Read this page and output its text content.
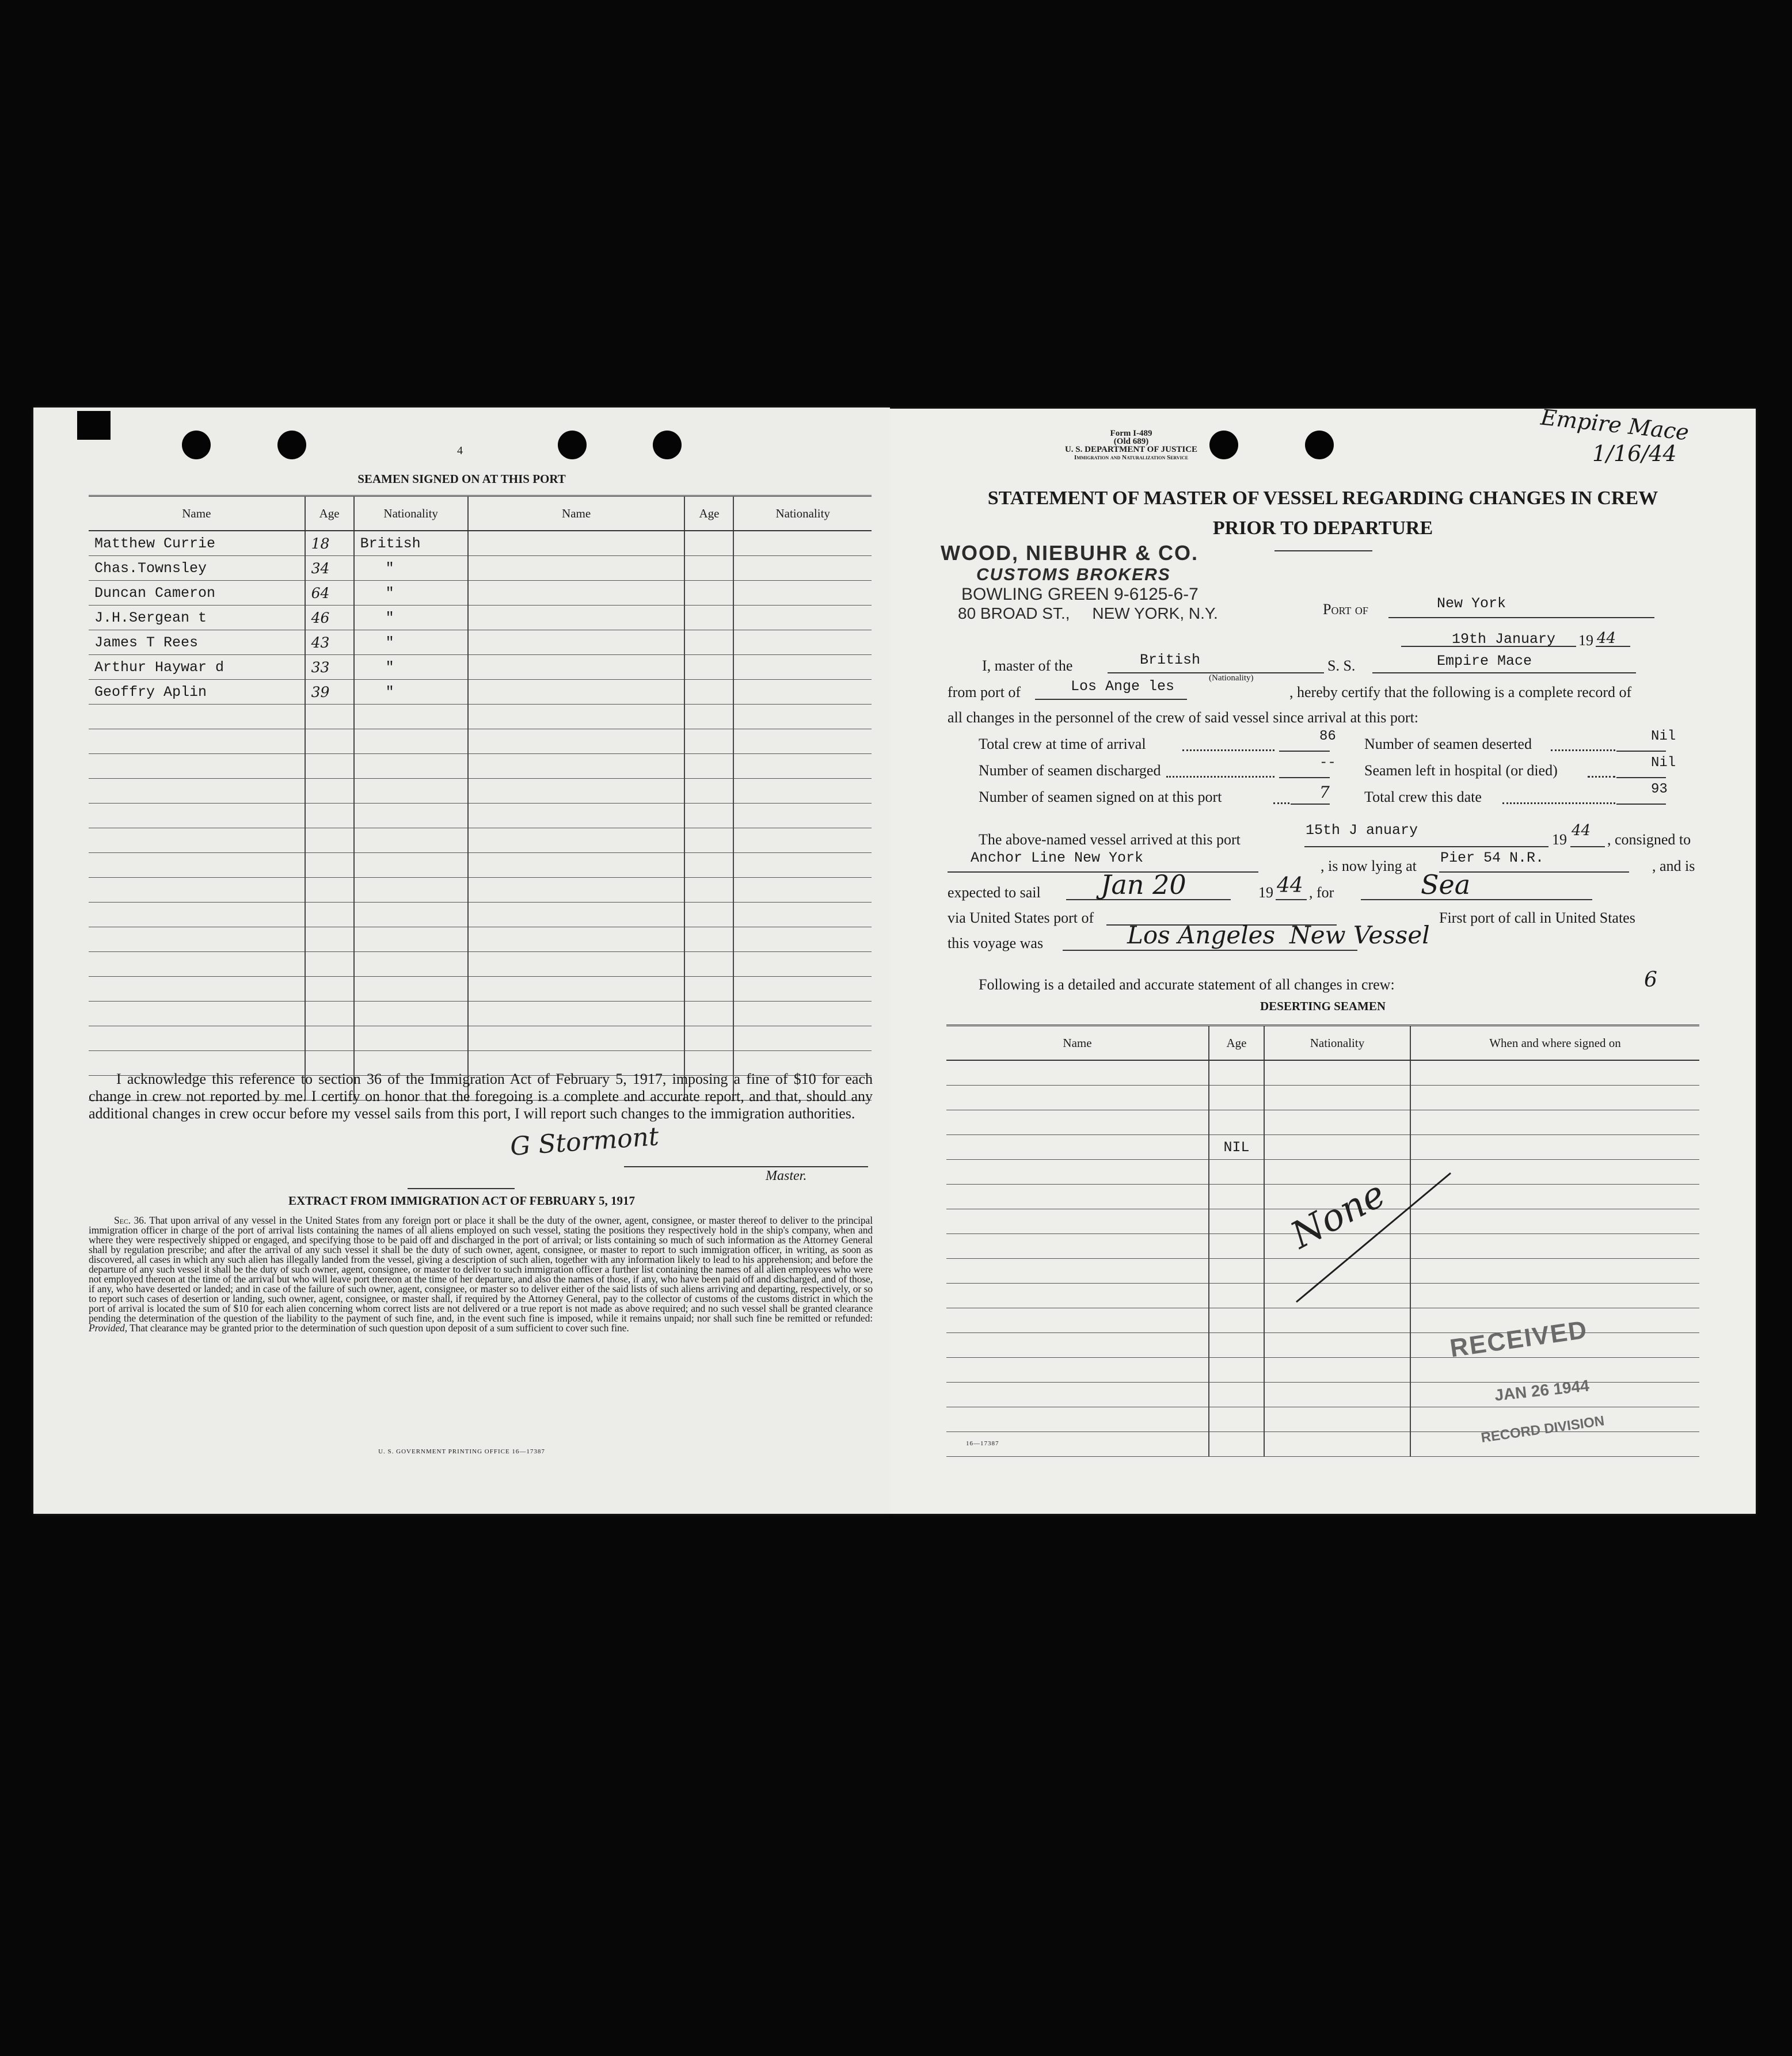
4
SEAMEN SIGNED ON AT THIS PORT
Name	Age	Nationality	Name	Age	Nationality
Matthew Currie	18	British			
Chas.Townsley	34	"			
Duncan Cameron	64	"			
J.H.Sergean t	46	"			
James T Rees	43	"			
Arthur Haywar d	33	"			
Geoffry Aplin	39	"			

I acknowledge this reference to section 36 of the Immigration Act of February 5, 1917, imposing a fine of $10 for each change in crew not reported by me. I certify on honor that the foregoing is a complete and accurate report, and that, should any additional changes in crew occur before my vessel sails from this port, I will report such changes to the immigration authorities.
G Stormont
Master.
EXTRACT FROM IMMIGRATION ACT OF FEBRUARY 5, 1917
Sec. 36. That upon arrival of any vessel in the United States from any foreign port or place it shall be the duty of the owner, agent, consignee, or master thereof to deliver to the principal immigration officer in charge of the port of arrival lists containing the names of all aliens employed on such vessel, stating the positions they respectively hold in the ship's company, when and where they were respectively shipped or engaged, and specifying those to be paid off and discharged in the port of arrival; or lists containing so much of such information as the Attorney General shall by regulation prescribe; and after the arrival of any such vessel it shall be the duty of such owner, agent, consignee, or master to report to such immigration officer, in writing, as soon as discovered, all cases in which any such alien has illegally landed from the vessel, giving a description of such alien, together with any information likely to lead to his apprehension; and before the departure of any such vessel it shall be the duty of such owner, agent, consignee, or master to deliver to such immigration officer a further list containing the names of all alien employees who were not employed thereon at the time of the arrival but who will leave port thereon at the time of her departure, and also the names of those, if any, who have been paid off and discharged, and of those, if any, who have deserted or landed; and in case of the failure of such owner, agent, consignee, or master so to deliver either of the said lists of such aliens arriving and departing, respectively, or so to report such cases of desertion or landing, such owner, agent, consignee, or master shall, if required by the Attorney General, pay to the collector of customs of the customs district in which the port of arrival is located the sum of $10 for each alien concerning whom correct lists are not delivered or a true report is not made as above required; and no such vessel shall be granted clearance pending the determination of the question of the liability to the payment of such fine, and, in the event such fine is imposed, while it remains unpaid; nor shall such fine be remitted or refunded: Provided, That clearance may be granted prior to the determination of such question upon deposit of a sum sufficient to cover such fine.
U. S. GOVERNMENT PRINTING OFFICE 16—17387
Form I-489
(Old 689)
U. S. DEPARTMENT OF JUSTICE
Immigration and Naturalization Service
Empire Mace
1/16/44
STATEMENT OF MASTER OF VESSEL REGARDING CHANGES IN CREW
PRIOR TO DEPARTURE
WOOD, NIEBUHR & CO.
CUSTOMS BROKERS
BOWLING GREEN 9-6125-6-7
80 BROAD ST.,     NEW YORK, N.Y.	Port of	New York
19th January 19 44
I, master of the	British
(Nationality)
S. S.	Empire Mace
from port of	Los Ange les	, hereby certify that the following is a complete record of
all changes in the personnel of the crew of said vessel since arrival at this port:
Total crew at time of arrival	86 Number of seamen deserted	Nil
Number of seamen discharged	-- Seamen left in hospital (or died)	Nil
Number of seamen signed on at this port	7 Total crew this date	93
The above-named vessel arrived at this port
15th J anuary
19
44
, consigned to
Anchor Line New York	, is now lying at Pier 54 N.R.	, and is
expected to sail Jan 20	19 44 , for	Sea
via United States port of	First port of call in United States
this voyage was	Los Angeles New Vessel
Following is a detailed and accurate statement of all changes in crew:	6
DESERTING SEAMEN
Name	Age	Nationality	When and where signed on

	NIL		

None
RECEIVED
JAN 26 1944
RECORD DIVISION
16—17387
